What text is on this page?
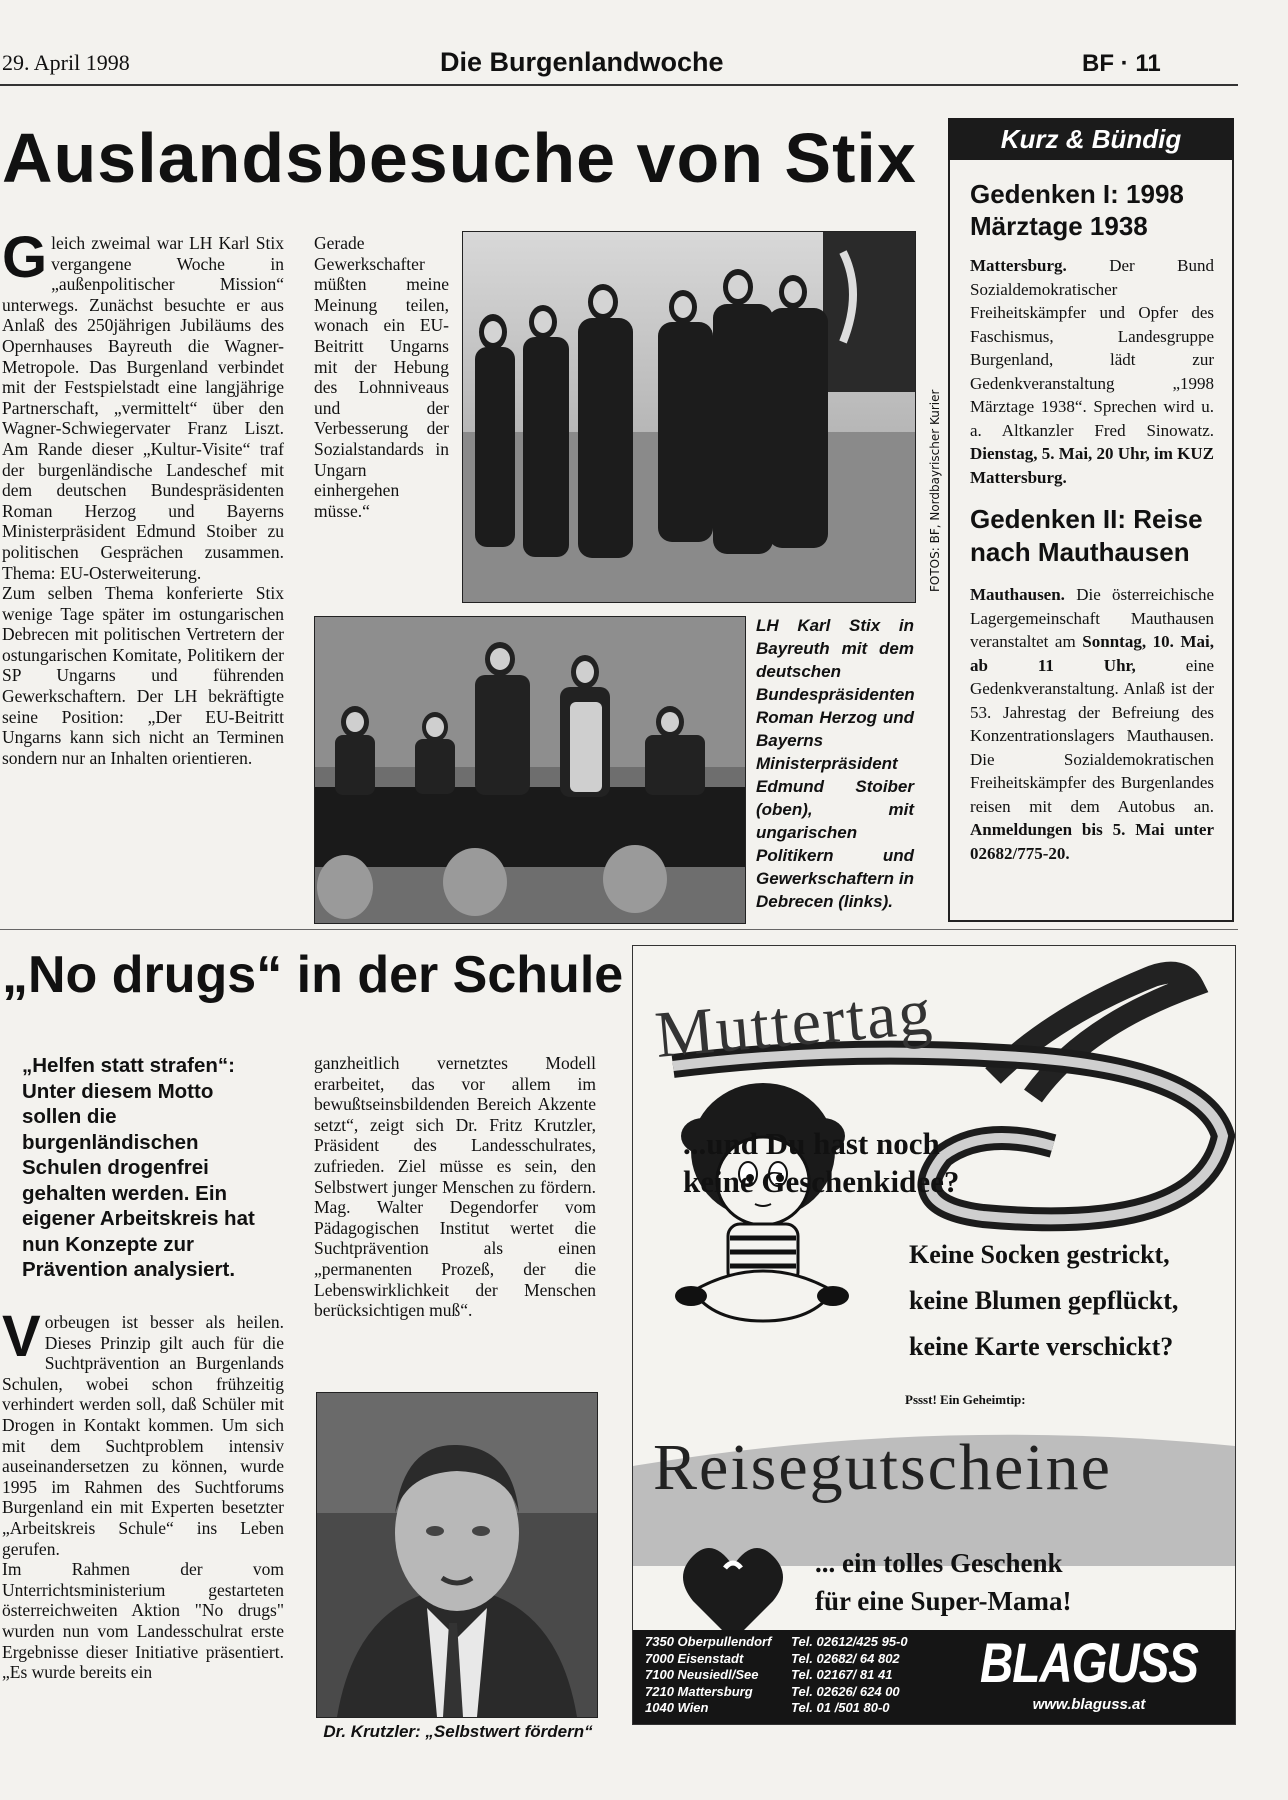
29. April 1998	Die Burgenlandwoche	BF · 11
Auslandsbesuche von Stix
G leich zweimal war LH Karl Stix vergangene Woche in „außenpolitischer Mission“ unterwegs. Zunächst besuchte er aus Anlaß des 250jährigen Jubiläums des Opernhauses Bayreuth die Wagner-Metropole. Das Burgenland verbindet mit der Festspielstadt eine langjährige Partnerschaft, „vermittelt“ über den Wagner-Schwiegervater Franz Liszt. Am Rande dieser „Kultur-Visite“ traf der burgenländische Landeschef mit dem deutschen Bundespräsidenten Roman Herzog und Bayerns Ministerpräsident Edmund Stoiber zu politischen Gesprächen zusammen. Thema: EU-Osterweiterung.

Zum selben Thema konferierte Stix wenige Tage später im ostungarischen Debrecen mit politischen Vertretern der ostungarischen Komitate, Politikern der SP Ungarns und führenden Gewerkschaftern. Der LH bekräftigte seine Position: „Der EU-Beitritt Ungarns kann sich nicht an Terminen sondern nur an Inhalten orientieren.

Gerade Gewerkschafter müßten meine Meinung teilen, wonach ein EU-Beitritt Ungarns mit der Hebung des Lohnniveaus und der Verbesserung der Sozialstandards in Ungarn einhergehen müsse.“	FOTOS: BF, Nordbayrischer Kurier
LH Karl Stix in Bayreuth mit dem deutschen Bundespräsidenten Roman Herzog und Bayerns Ministerpräsident Edmund Stoiber (oben), mit ungarischen Politikern und Gewerkschaftern in Debrecen (links).
Kurz & Bündig
Gedenken I: 1998 Märztage 1938

Mattersburg. Der Bund Sozialdemokratischer Freiheitskämpfer und Opfer des Faschismus, Landesgruppe Burgenland, lädt zur Gedenkveranstaltung „1998 Märztage 1938“. Sprechen wird u. a. Altkanzler Fred Sinowatz. Dienstag, 5. Mai, 20 Uhr, im KUZ Mattersburg.

Gedenken II: Reise nach Mauthausen

Mauthausen. Die österreichische Lagergemeinschaft Mauthausen veranstaltet am Sonntag, 10. Mai, ab 11 Uhr,	eine Gedenkveranstaltung. Anlaß ist der 53. Jahrestag der Befreiung des Konzentrationslagers Mauthausen. Die Sozialdemokratischen Freiheitskämpfer des Burgenlandes reisen mit dem Autobus an. Anmeldungen bis 5. Mai unter 02682/775-20.

„No drugs“ in der Schule
„Helfen statt strafen“: Unter diesem Motto sollen die burgenländischen Schulen drogenfrei gehalten werden. Ein eigener Arbeitskreis hat nun Konzepte zur Prävention analysiert.
V orbeugen ist besser als heilen. Dieses Prinzip gilt auch für die Suchtprävention an Burgenlands Schulen, wobei schon frühzeitig verhindert werden soll, daß Schüler mit Drogen in Kontakt kommen. Um sich mit dem Suchtproblem intensiv auseinandersetzen zu können, wurde 1995 im Rahmen des Suchtforums Burgenland ein mit Experten besetzter „Arbeitskreis Schule“ ins Leben gerufen.

Im Rahmen der vom Unterrichtsministerium gestarteten österreichweiten Aktion "No drugs" wurden nun vom Landesschulrat erste Ergebnisse dieser Initiative präsentiert. „Es wurde bereits ein

ganzheitlich vernetztes Modell erarbeitet, das vor allem im bewußtseinsbildenden Bereich Akzente setzt“, zeigt sich Dr. Fritz Krutzler, Präsident des Landesschulrates, zufrieden. Ziel müsse es sein, den Selbstwert junger Menschen zu fördern. Mag. Walter Degendorfer vom Pädagogischen Institut wertet die Suchtprävention als einen „permanenten Prozeß, der die Lebenswirklichkeit der Menschen berücksichtigen muß“.

Dr. Krutzler: „Selbstwert fördern“
Muttertag
...und Du hast noch
keine Geschenkidee?
Keine Socken gestrickt,
keine Blumen gepflückt,
keine Karte verschickt?
Pssst! Ein Geheimtip:
Reisegutscheine
... ein tolles Geschenk
für eine Super-Mama!
7350 Oberpullendorf Tel. 02612/425 95-0
7000 Eisenstadt	Tel. 02682/ 64 802
7100 Neusiedl/See	Tel. 02167/ 81 41
7210 Mattersburg	Tel. 02626/ 624 00
1040 Wien	Tel. 01 /501 80-0
BLAGUSS
www.blaguss.at
